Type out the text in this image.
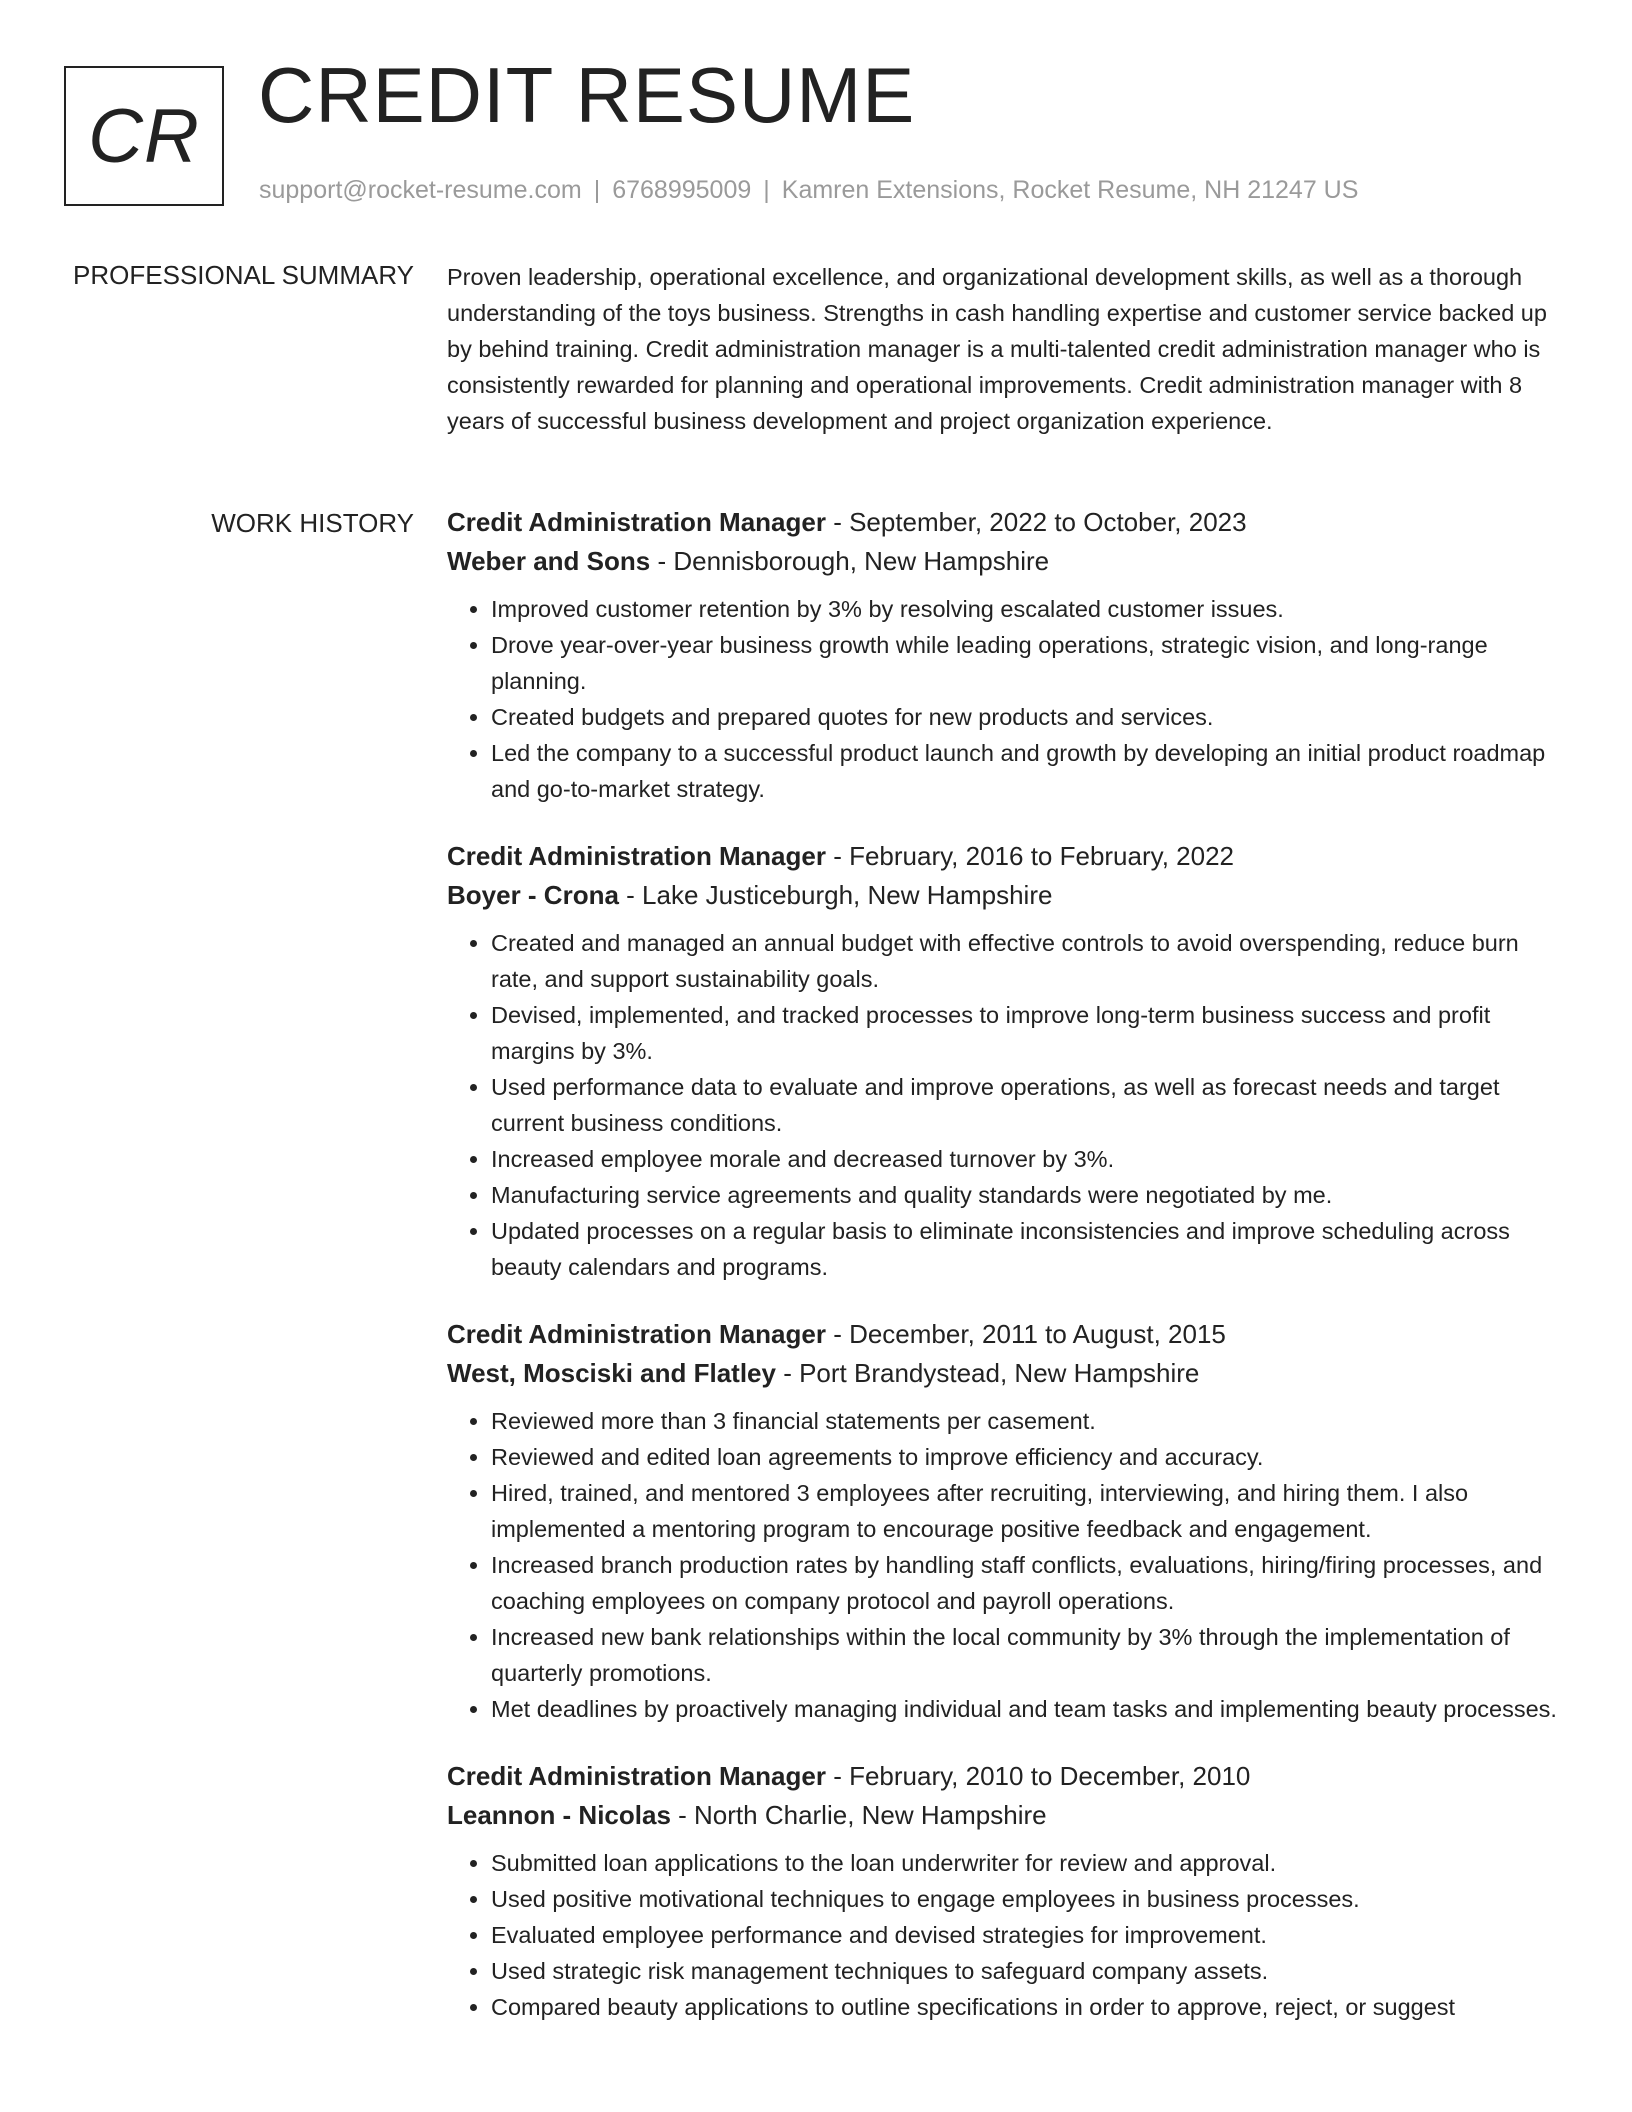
CR CREDIT RESUME
support@rocket-resume.com | 6768995009 | Kamren Extensions, Rocket Resume, NH 21247 US
PROFESSIONAL SUMMARY Proven leadership, operational excellence, and organizational development skills, as well as a thorough understanding of the toys business. Strengths in cash handling expertise and customer service backed up by behind training. Credit administration manager is a multi-talented credit administration manager who is consistently rewarded for planning and operational improvements. Credit administration manager with 8 years of successful business development and project organization experience.

WORK HISTORY Credit Administration Manager - September, 2022 to October, 2023
Weber and Sons - Dennisborough, New Hampshire
• Improved customer retention by 3% by resolving escalated customer issues.
• Drove year-over-year business growth while leading operations, strategic vision, and long-range planning.
• Created budgets and prepared quotes for new products and services.
• Led the company to a successful product launch and growth by developing an initial product roadmap and go-to-market strategy.
Credit Administration Manager - February, 2016 to February, 2022
Boyer - Crona - Lake Justiceburgh, New Hampshire
• Created and managed an annual budget with effective controls to avoid overspending, reduce burn rate, and support sustainability goals.
• Devised, implemented, and tracked processes to improve long-term business success and profit margins by 3%.
• Used performance data to evaluate and improve operations, as well as forecast needs and target current business conditions.
• Increased employee morale and decreased turnover by 3%.
• Manufacturing service agreements and quality standards were negotiated by me.
• Updated processes on a regular basis to eliminate inconsistencies and improve scheduling across beauty calendars and programs.
Credit Administration Manager - December, 2011 to August, 2015
West, Mosciski and Flatley - Port Brandystead, New Hampshire
• Reviewed more than 3 financial statements per casement.
• Reviewed and edited loan agreements to improve efficiency and accuracy.
• Hired, trained, and mentored 3 employees after recruiting, interviewing, and hiring them. I also implemented a mentoring program to encourage positive feedback and engagement.
• Increased branch production rates by handling staff conflicts, evaluations, hiring/firing processes, and coaching employees on company protocol and payroll operations.
• Increased new bank relationships within the local community by 3% through the implementation of quarterly promotions.
• Met deadlines by proactively managing individual and team tasks and implementing beauty processes.
Credit Administration Manager - February, 2010 to December, 2010
Leannon - Nicolas - North Charlie, New Hampshire
• Submitted loan applications to the loan underwriter for review and approval.
• Used positive motivational techniques to engage employees in business processes.
• Evaluated employee performance and devised strategies for improvement.
• Used strategic risk management techniques to safeguard company assets.
• Compared beauty applications to outline specifications in order to approve, reject, or suggest
